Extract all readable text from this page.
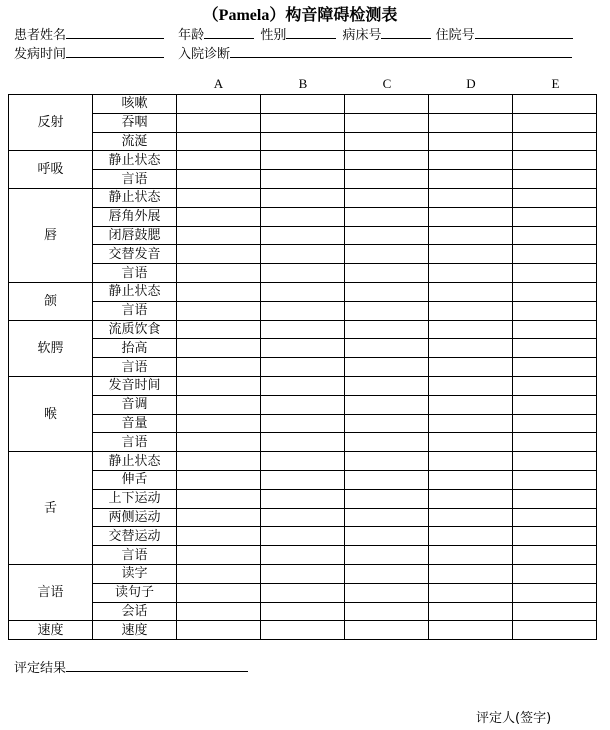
（Pamela）构音障碍检测表
患者姓名	年龄	性别	病床号	住院号
发病时间	入院诊断
A	B	C	D	E
反射	咳嗽					
	吞咽					
	流涎					
呼吸	静止状态					
	言语					
唇	静止状态					
	唇角外展					
	闭唇鼓腮					
	交替发音					
	言语					
颌	静止状态					
	言语					
软腭	流质饮食					
	抬高					
	言语					
喉	发音时间					
	音调					
	音量					
	言语					
舌	静止状态					
	伸舌					
	上下运动					
	两侧运动					
	交替运动					
	言语					
言语	读字					
	读句子					
	会话					
速度	速度					
评定结果
评定人(签字)
